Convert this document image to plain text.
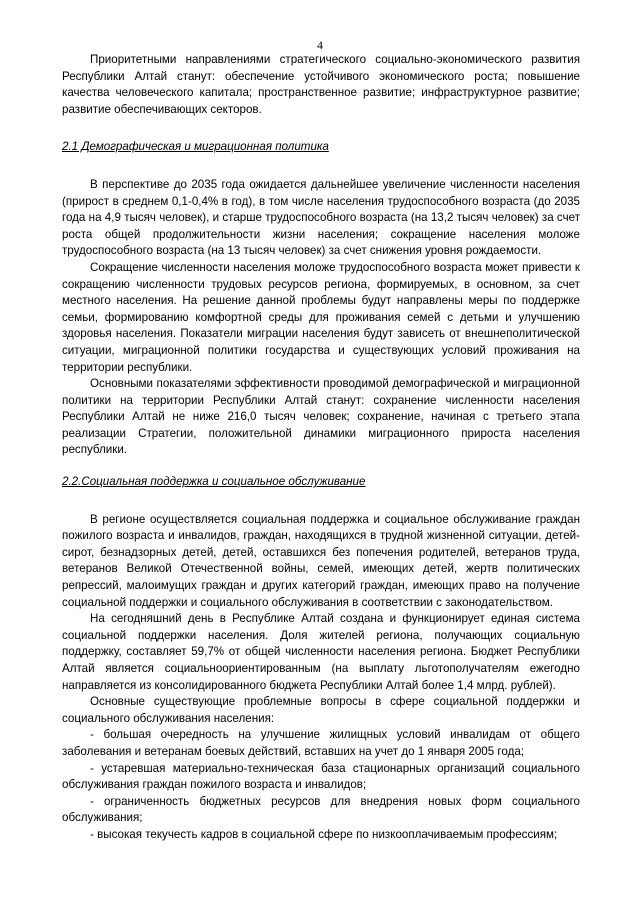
4

Приоритетными направлениями стратегического социально-экономического развития Республики Алтай станут: обеспечение устойчивого экономического роста; повышение качества человеческого капитала; пространственное развитие; инфраструктурное развитие; развитие обеспечивающих секторов.

2.1 Демографическая и миграционная политика

В перспективе до 2035 года ожидается дальнейшее увеличение численности населения (прирост в среднем 0,1-0,4% в год), в том числе населения трудоспособного возраста (до 2035 года на 4,9 тысяч человек), и старше трудоспособного возраста (на 13,2 тысяч человек) за счет роста общей продолжительности жизни населения; сокращение населения моложе трудоспособного возраста (на 13 тысяч человек) за счет снижения уровня рождаемости.

Сокращение численности населения моложе трудоспособного возраста может привести к сокращению численности трудовых ресурсов региона, формируемых, в основном, за счет местного населения. На решение данной проблемы будут направлены меры по поддержке семьи, формированию комфортной среды для проживания семей с детьми и улучшению здоровья населения. Показатели миграции населения будут зависеть от внешнеполитической ситуации, миграционной политики государства и существующих условий проживания на территории республики.

Основными показателями эффективности проводимой демографической и миграционной политики на территории Республики Алтай станут: сохранение численности населения Республики Алтай не ниже 216,0 тысяч человек; сохранение, начиная с третьего этапа реализации Стратегии, положительной динамики миграционного прироста населения республики.

2.2.Социальная поддержка и социальное обслуживание

В регионе осуществляется социальная поддержка и социальное обслуживание граждан пожилого возраста и инвалидов, граждан, находящихся в трудной жизненной ситуации, детей-сирот, безнадзорных детей, детей, оставшихся без попечения родителей, ветеранов труда, ветеранов Великой Отечественной войны, семей, имеющих детей, жертв политических репрессий, малоимущих граждан и других категорий граждан, имеющих право на получение социальной поддержки и социального обслуживания в соответствии с законодательством.

На сегодняшний день в Республике Алтай создана и функционирует единая система социальной поддержки населения. Доля жителей региона, получающих социальную поддержку, составляет 59,7% от общей численности населения региона. Бюджет Республики Алтай является социальноориентированным (на выплату льготополучателям ежегодно направляется из консолидированного бюджета Республики Алтай более 1,4 млрд. рублей).

Основные существующие проблемные вопросы в сфере социальной поддержки и социального обслуживания населения:

- большая очередность на улучшение жилищных условий инвалидам от общего заболевания и ветеранам боевых действий, вставших на учет до 1 января 2005 года;

- устаревшая материально-техническая база стационарных организаций социального обслуживания граждан пожилого возраста и инвалидов;

- ограниченность бюджетных ресурсов для внедрения новых форм социального обслуживания;

- высокая текучесть кадров в социальной сфере по низкооплачиваемым профессиям;
